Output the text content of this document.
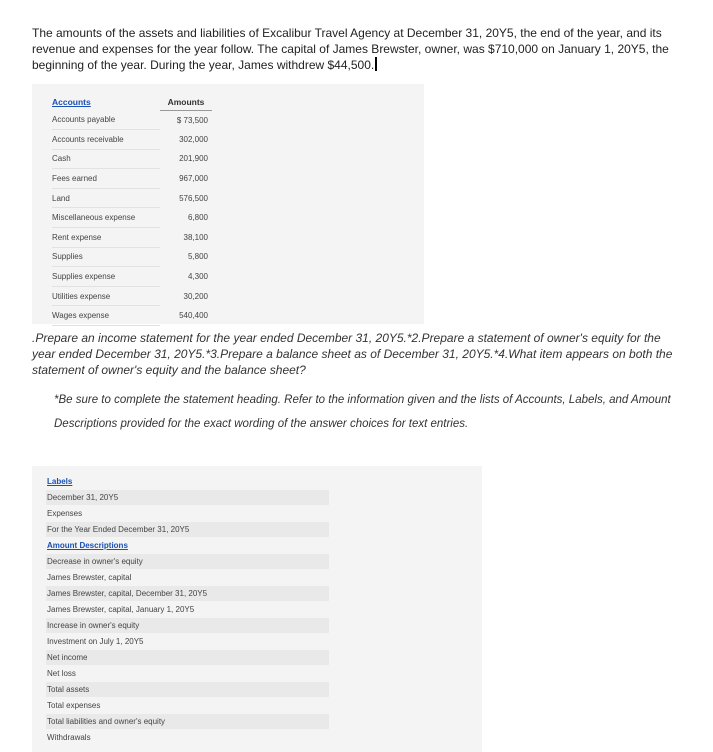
The amounts of the assets and liabilities of Excalibur Travel Agency at December 31, 20Y5, the end of the year, and its revenue and expenses for the year follow. The capital of James Brewster, owner, was $710,000 on January 1, 20Y5, the beginning of the year. During the year, James withdrew $44,500.

Accounts	Amounts
Accounts payable	$ 73,500
Accounts receivable	302,000
Cash	201,900
Fees earned	967,000
Land	576,500
Miscellaneous expense	6,800
Rent expense	38,100
Supplies	5,800
Supplies expense	4,300
Utilities expense	30,200
Wages expense	540,400

.Prepare an income statement for the year ended December 31, 20Y5.*2.Prepare a statement of owner's equity for the year ended December 31, 20Y5.*3.Prepare a balance sheet as of December 31, 20Y5.*4.What item appears on both the statement of owner's equity and the balance sheet?

*Be sure to complete the statement heading. Refer to the information given and the lists of Accounts, Labels, and Amount Descriptions provided for the exact wording of the answer choices for text entries.

Labels
December 31, 20Y5
Expenses
For the Year Ended December 31, 20Y5
Amount Descriptions
Decrease in owner's equity
James Brewster, capital
James Brewster, capital, December 31, 20Y5
James Brewster, capital, January 1, 20Y5
Increase in owner's equity
Investment on July 1, 20Y5
Net income
Net loss
Total assets
Total expenses
Total liabilities and owner's equity
Withdrawals
